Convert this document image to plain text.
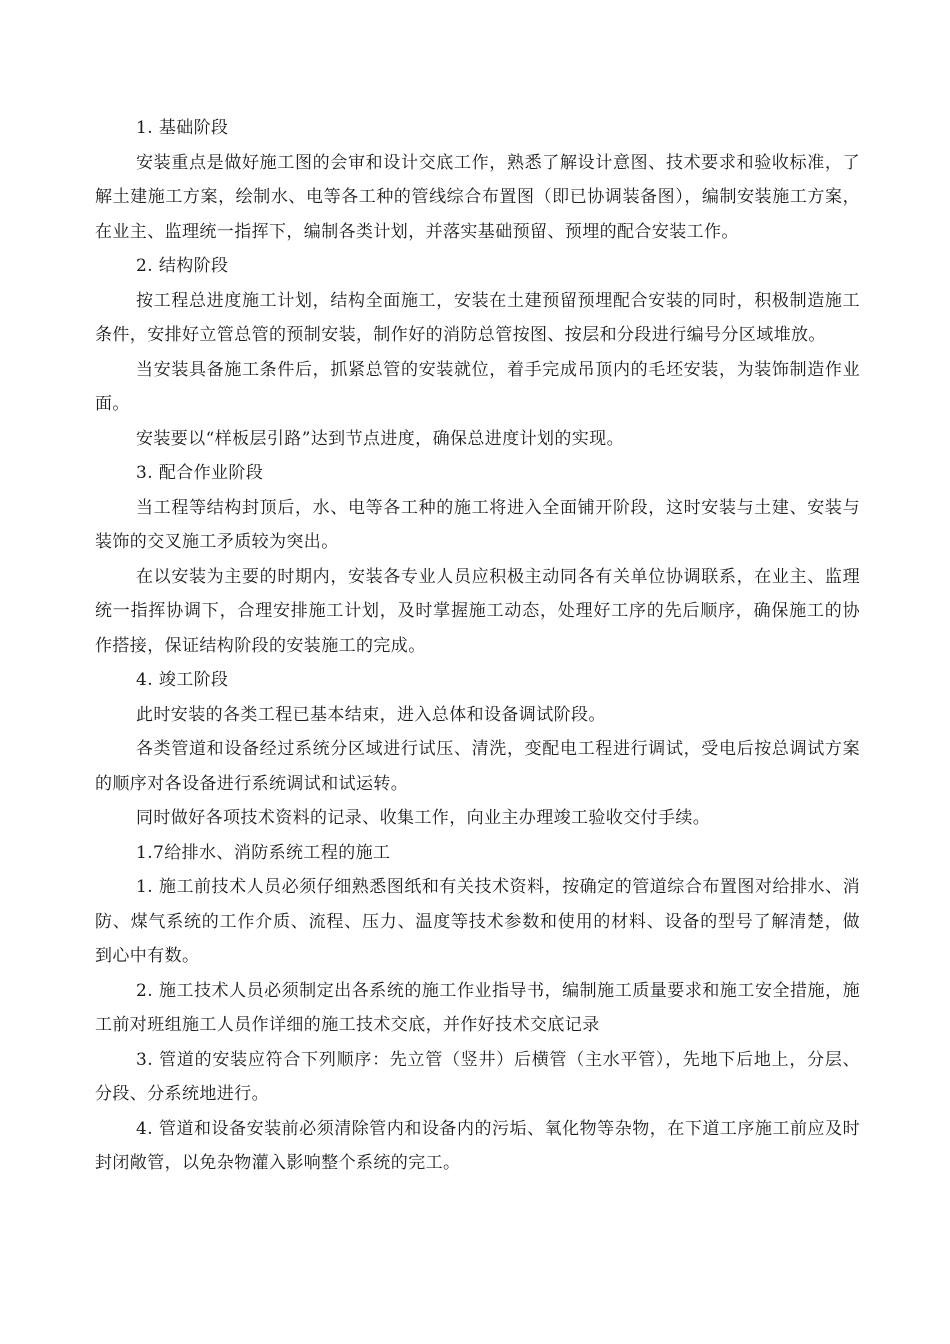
1. 基础阶段

安装重点是做好施工图的会审和设计交底工作，熟悉了解设计意图、技术要求和验收标准，了解土建施工方案，绘制水、电等各工种的管线综合布置图（即已协调装备图），编制安装施工方案，在业主、监理统一指挥下，编制各类计划，并落实基础预留、预埋的配合安装工作。

2. 结构阶段

按工程总进度施工计划，结构全面施工，安装在土建预留预埋配合安装的同时，积极制造施工条件，安排好立管总管的预制安装，制作好的消防总管按图、按层和分段进行编号分区域堆放。

当安装具备施工条件后，抓紧总管的安装就位，着手完成吊顶内的毛坯安装，为装饰制造作业面。

安装要以“样板层引路”达到节点进度，确保总进度计划的实现。

3. 配合作业阶段

当工程等结构封顶后，水、电等各工种的施工将进入全面铺开阶段，这时安装与土建、安装与装饰的交叉施工矛质较为突出。

在以安装为主要的时期内，安装各专业人员应积极主动同各有关单位协调联系，在业主、监理统一指挥协调下，合理安排施工计划，及时掌握施工动态，处理好工序的先后顺序，确保施工的协作搭接，保证结构阶段的安装施工的完成。

4. 竣工阶段

此时安装的各类工程已基本结束，进入总体和设备调试阶段。

各类管道和设备经过系统分区域进行试压、清洗，变配电工程进行调试，受电后按总调试方案的顺序对各设备进行系统调试和试运转。

同时做好各项技术资料的记录、收集工作，向业主办理竣工验收交付手续。

1.7给排水、消防系统工程的施工

1. 施工前技术人员必须仔细熟悉图纸和有关技术资料，按确定的管道综合布置图对给排水、消防、煤气系统的工作介质、流程、压力、温度等技术参数和使用的材料、设备的型号了解清楚，做到心中有数。

2. 施工技术人员必须制定出各系统的施工作业指导书，编制施工质量要求和施工安全措施，施工前对班组施工人员作详细的施工技术交底，并作好技术交底记录

3. 管道的安装应符合下列顺序：先立管（竖井）后横管（主水平管），先地下后地上，分层、分段、分系统地进行。

4. 管道和设备安装前必须清除管内和设备内的污垢、氧化物等杂物，在下道工序施工前应及时封闭敞管，以免杂物灌入影响整个系统的完工。
